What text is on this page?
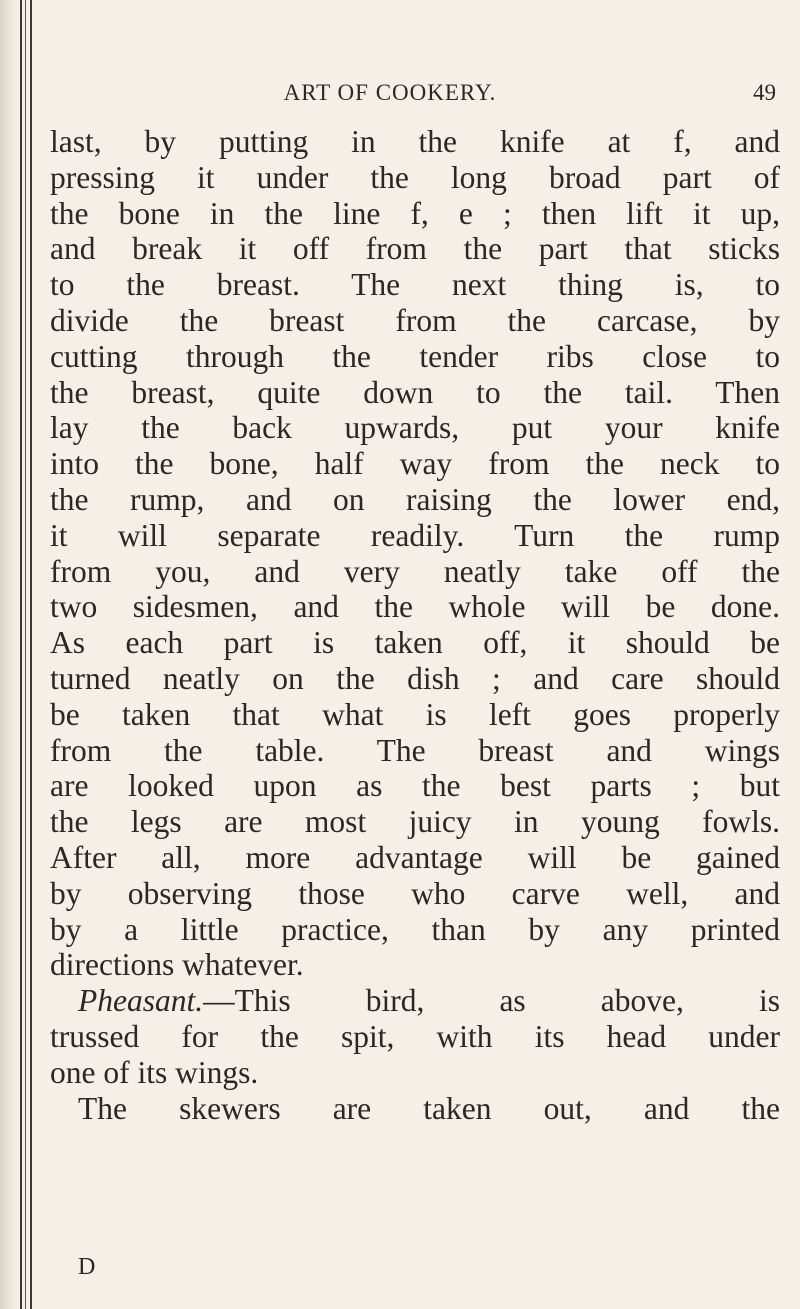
ART OF COOKERY.	49
last, by putting in the knife at f, and
pressing it under the long broad part of
the bone in the line f, e ; then lift it up,
and break it off from the part that sticks
to the breast. The next thing is, to
divide the breast from the carcase, by
cutting through the tender ribs close to
the breast, quite down to the tail. Then
lay the back upwards, put your knife
into the bone, half way from the neck to
the rump, and on raising the lower end,
it will separate readily. Turn the rump
from you, and very neatly take off the
two sidesmen, and the whole will be done.
As each part is taken off, it should be
turned neatly on the dish ; and care should
be taken that what is left goes properly
from the table. The breast and wings
are looked upon as the best parts ; but
the legs are most juicy in young fowls.
After all, more advantage will be gained
by observing those who carve well, and
by a little practice, than by any printed
directions whatever.
Pheasant.—This bird, as above, is
trussed for the spit, with its head under
one of its wings.
The skewers are taken out, and the
D
